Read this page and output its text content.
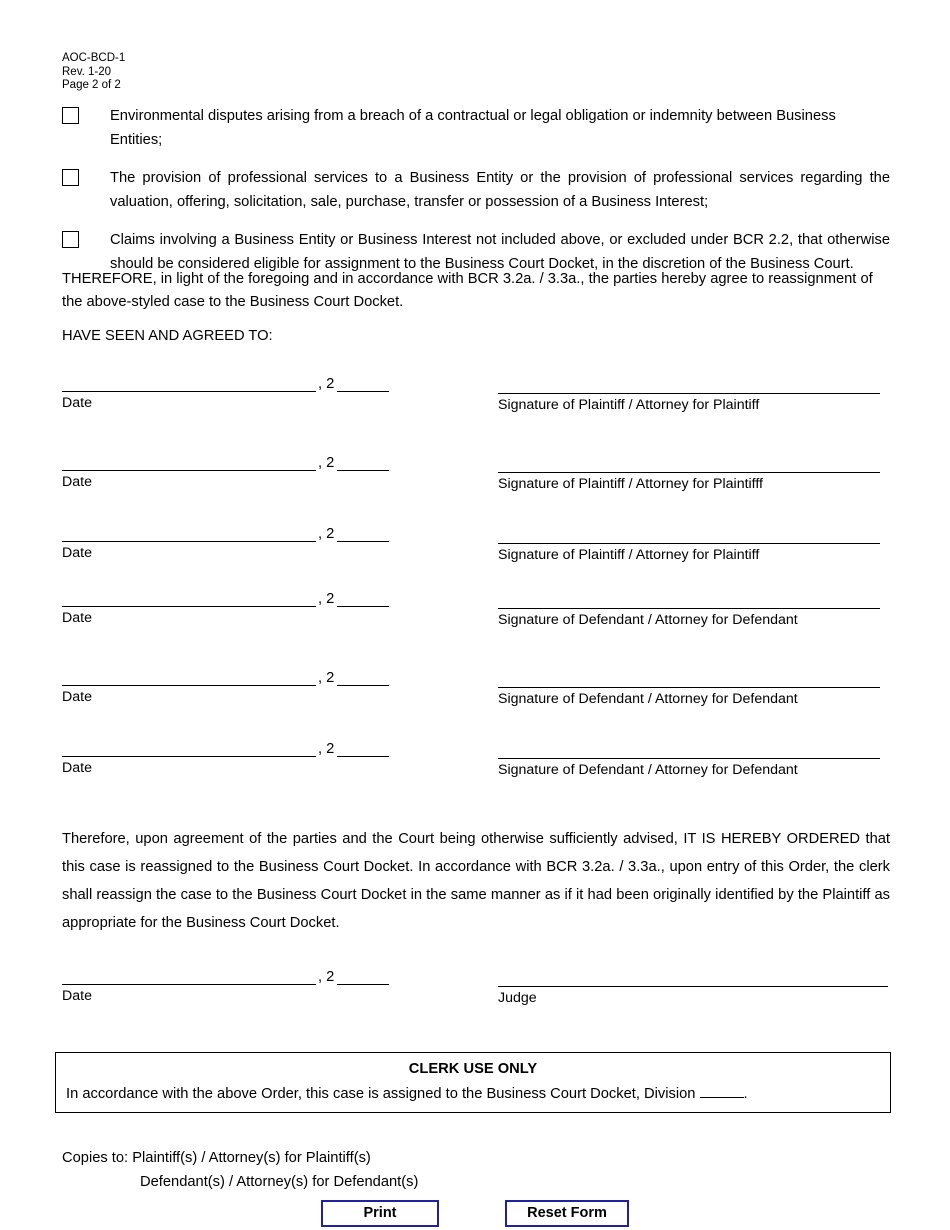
AOC-BCD-1
Rev. 1-20
Page 2 of 2
Environmental disputes arising from a breach of a contractual or legal obligation or indemnity between Business Entities;
The provision of professional services to a Business Entity or the provision of professional services regarding the valuation, offering, solicitation, sale, purchase, transfer or possession of a Business Interest;
Claims involving a Business Entity or Business Interest not included above, or excluded under BCR 2.2, that otherwise should be considered eligible for assignment to the Business Court Docket, in the discretion of the Business Court.
THEREFORE, in light of the foregoing and in accordance with BCR 3.2a. / 3.3a., the parties hereby agree to reassignment of the above-styled case to the Business Court Docket.
HAVE SEEN AND AGREED TO:
, 2
Date	Signature of Plaintiff / Attorney for Plaintiff
, 2
Date	Signature of Plaintiff / Attorney for Plaintifff
, 2
Date	Signature of Plaintiff / Attorney for Plaintiff
, 2
Date	Signature of Defendant / Attorney for Defendant
, 2
Date	Signature of Defendant / Attorney for Defendant
, 2
Date	Signature of Defendant / Attorney for Defendant
Therefore, upon agreement of the parties and the Court being otherwise sufficiently advised, IT IS HEREBY ORDERED that this case is reassigned to the Business Court Docket. In accordance with BCR 3.2a. / 3.3a., upon entry of this Order, the clerk shall reassign the case to the Business Court Docket in the same manner as if it had been originally identified by the Plaintiff as appropriate for the Business Court Docket.
, 2
Date	Judge
CLERK USE ONLY
In accordance with the above Order, this case is assigned to the Business Court Docket, Division	.
Copies to: Plaintiff(s) / Attorney(s) for Plaintiff(s)
Defendant(s) / Attorney(s) for Defendant(s)
Print	Reset Form
